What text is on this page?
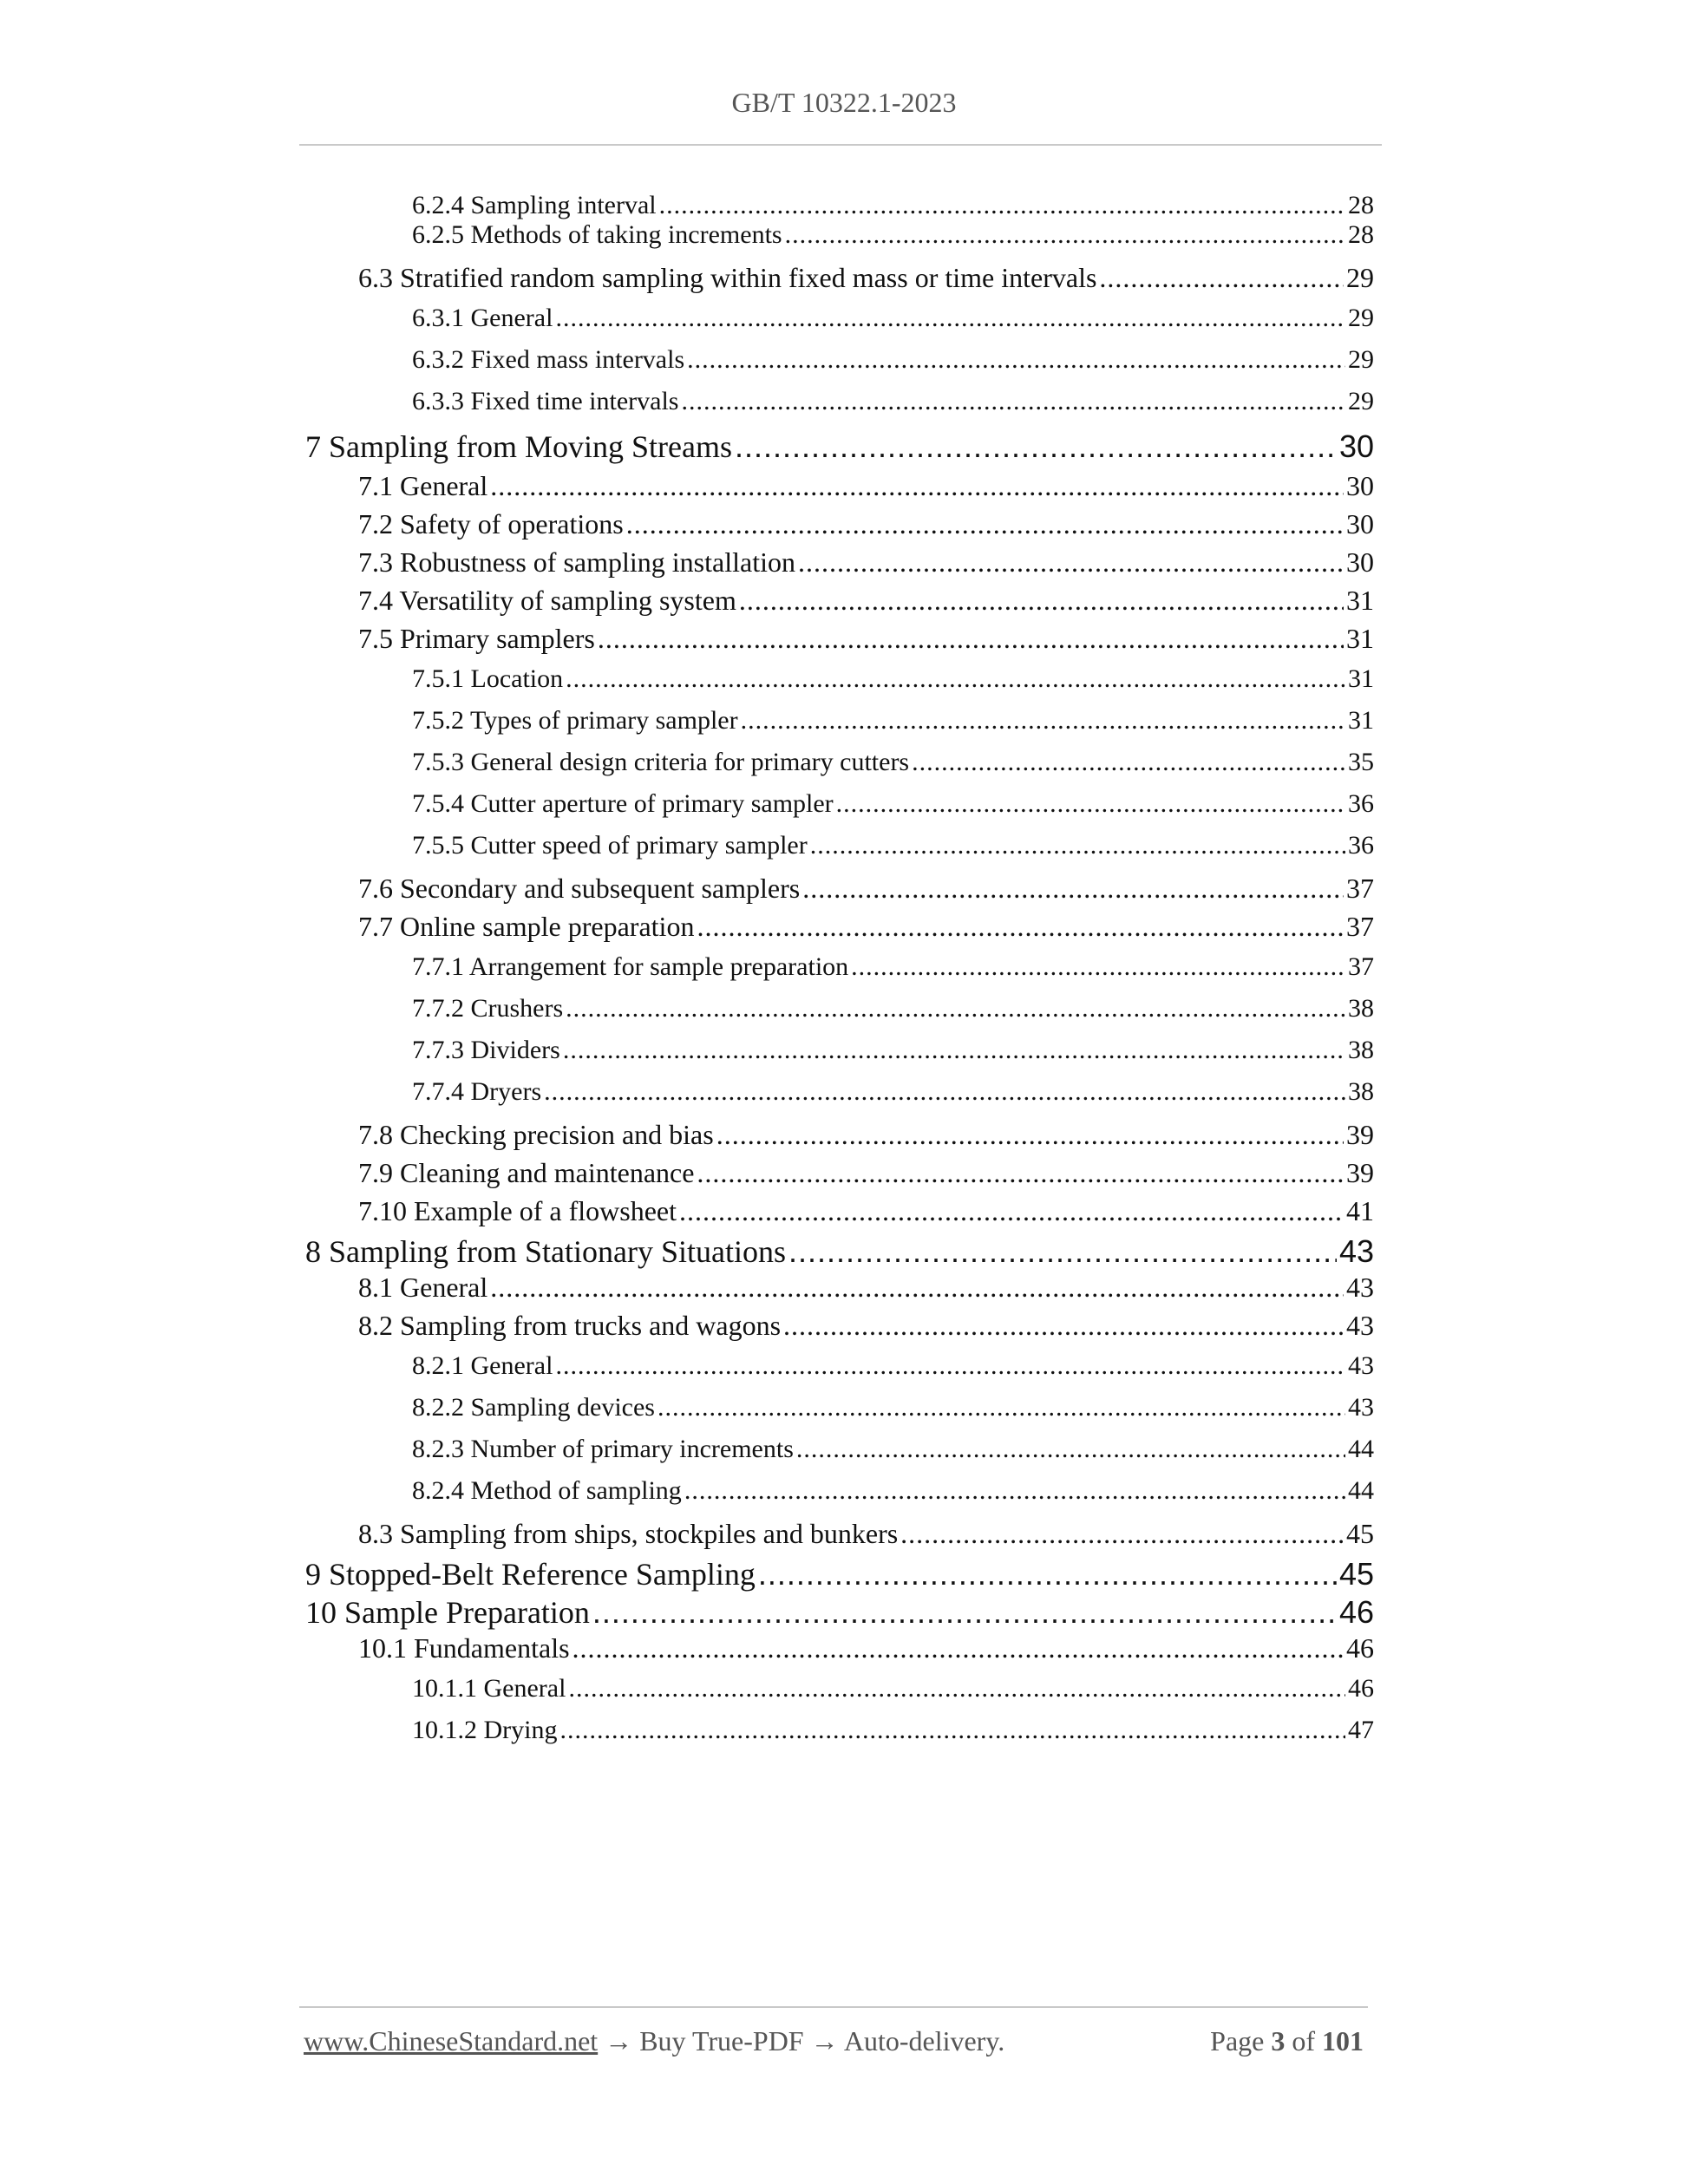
GB/T 10322.1-2023
6.2.4 Sampling interval .....	28
6.2.5 Methods of taking increments .....	28
6.3 Stratified random sampling within fixed mass or time intervals .....	29
6.3.1 General .....	29
6.3.2 Fixed mass intervals .....	29
6.3.3 Fixed time intervals .....	29
7 Sampling from Moving Streams .....	30
7.1 General .....	30
7.2 Safety of operations .....	30
7.3 Robustness of sampling installation .....	30
7.4 Versatility of sampling system .....	31
7.5 Primary samplers .....	31
7.5.1 Location .....	31
7.5.2 Types of primary sampler .....	31
7.5.3 General design criteria for primary cutters .....	35
7.5.4 Cutter aperture of primary sampler .....	36
7.5.5 Cutter speed of primary sampler .....	36
7.6 Secondary and subsequent samplers .....	37
7.7 Online sample preparation .....	37
7.7.1 Arrangement for sample preparation .....	37
7.7.2 Crushers .....	38
7.7.3 Dividers .....	38
7.7.4 Dryers .....	38
7.8 Checking precision and bias .....	39
7.9 Cleaning and maintenance .....	39
7.10 Example of a flowsheet .....	41
8 Sampling from Stationary Situations .....	43
8.1 General .....	43
8.2 Sampling from trucks and wagons .....	43
8.2.1 General .....	43
8.2.2 Sampling devices .....	43
8.2.3 Number of primary increments .....	44
8.2.4 Method of sampling .....	44
8.3 Sampling from ships, stockpiles and bunkers .....	45
9 Stopped-Belt Reference Sampling .....	45
10 Sample Preparation .....	46
10.1 Fundamentals .....	46
10.1.1 General .....	46
10.1.2 Drying .....	47
www.ChineseStandard.net → Buy True-PDF → Auto-delivery.	Page 3 of 101
